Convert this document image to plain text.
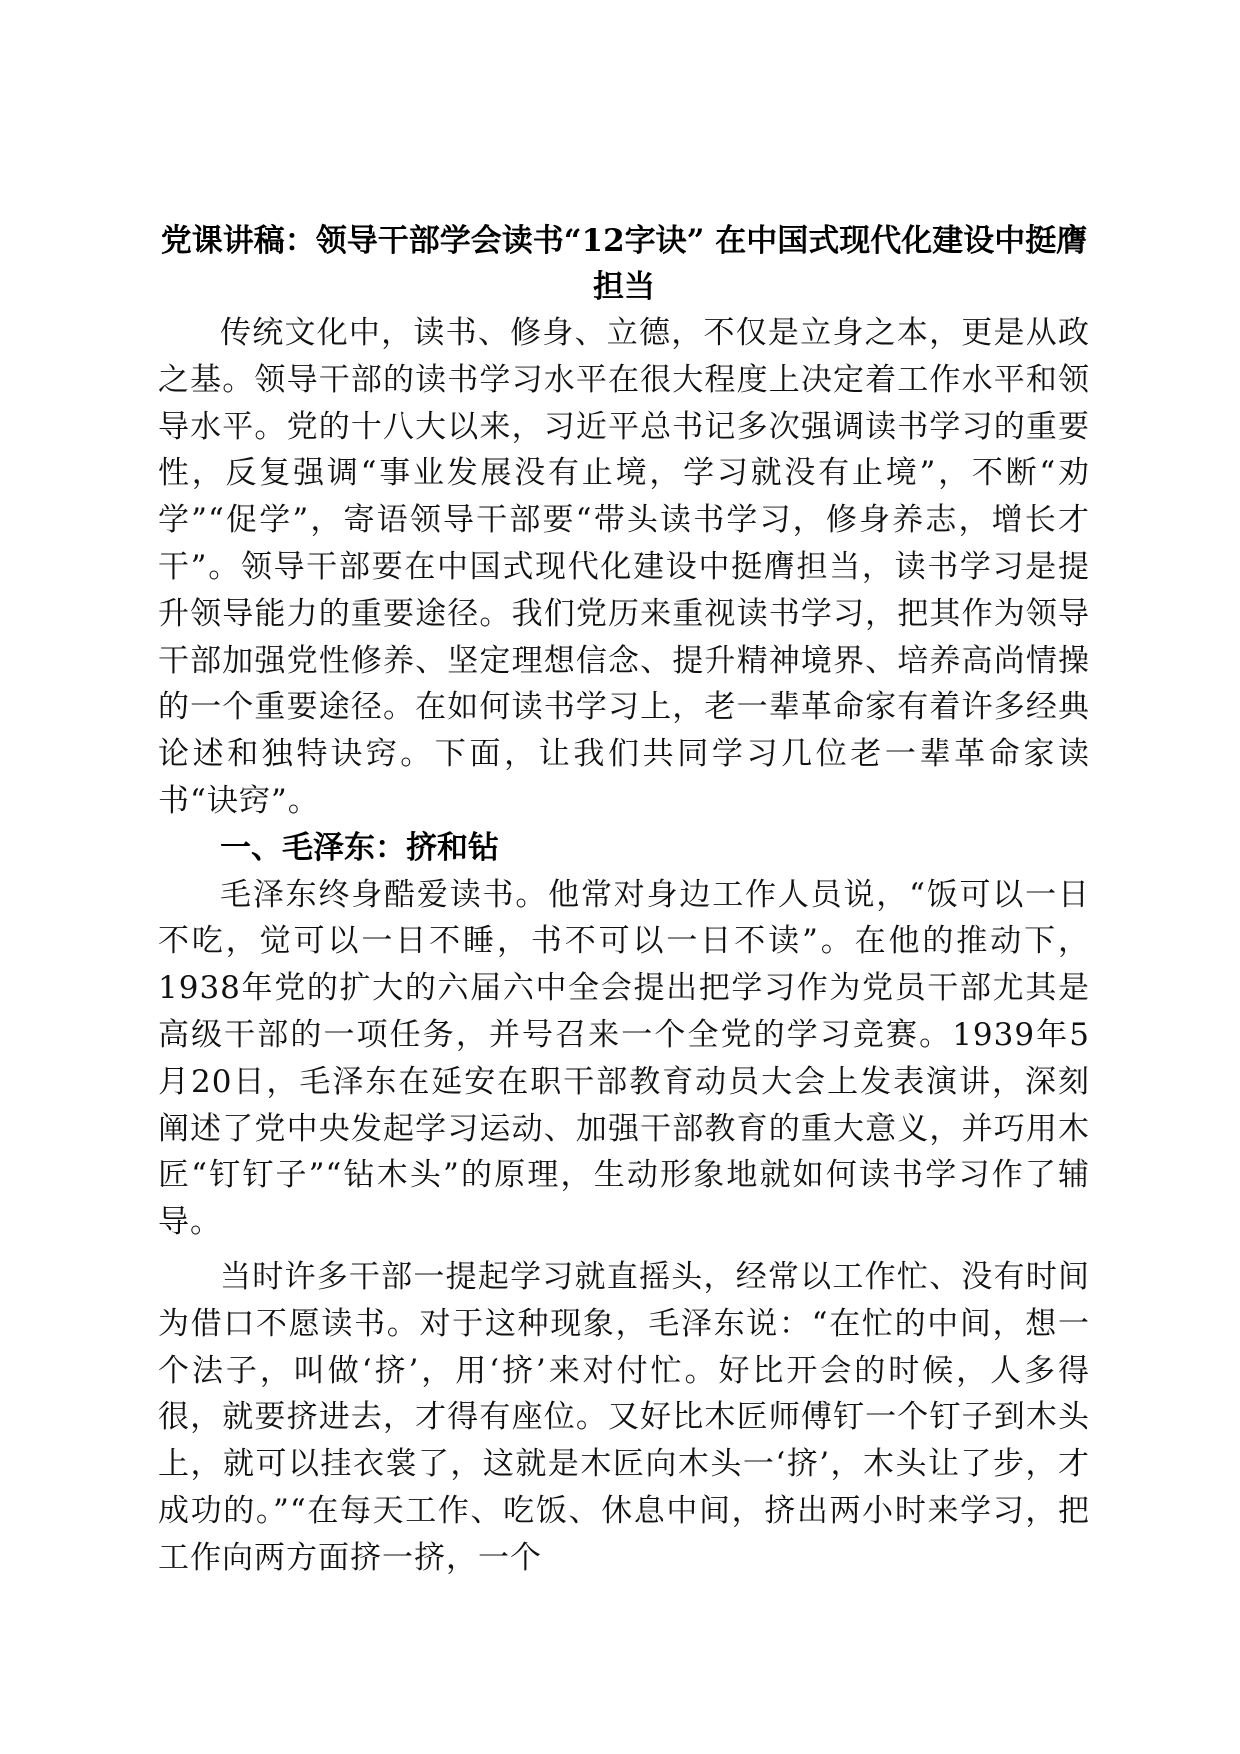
党课讲稿：领导干部学会读书“12字诀” 在中国式现代化建设中挺膺担当

传统文化中，读书、修身、立德，不仅是立身之本，更是从政之基。领导干部的读书学习水平在很大程度上决定着工作水平和领导水平。党的十八大以来，习近平总书记多次强调读书学习的重要性，反复强调“事业发展没有止境，学习就没有止境”，不断“劝学”“促学”，寄语领导干部要“带头读书学习，修身养志，增长才干”。领导干部要在中国式现代化建设中挺膺担当，读书学习是提升领导能力的重要途径。我们党历来重视读书学习，把其作为领导干部加强党性修养、坚定理想信念、提升精神境界、培养高尚情操的一个重要途径。在如何读书学习上，老一辈革命家有着许多经典论述和独特诀窍。下面，让我们共同学习几位老一辈革命家读书“诀窍”。

一、毛泽东：挤和钻

毛泽东终身酷爱读书。他常对身边工作人员说，“饭可以一日不吃，觉可以一日不睡，书不可以一日不读”。在他的推动下，1938年党的扩大的六届六中全会提出把学习作为党员干部尤其是高级干部的一项任务，并号召来一个全党的学习竞赛。1939年5月20日，毛泽东在延安在职干部教育动员大会上发表演讲，深刻阐述了党中央发起学习运动、加强干部教育的重大意义，并巧用木匠“钉钉子”“钻木头”的原理，生动形象地就如何读书学习作了辅导。

当时许多干部一提起学习就直摇头，经常以工作忙、没有时间为借口不愿读书。对于这种现象，毛泽东说：“在忙的中间，想一个法子，叫做‘挤’，用‘挤’来对付忙。好比开会的时候，人多得很，就要挤进去，才得有座位。又好比木匠师傅钉一个钉子到木头上，就可以挂衣裳了，这就是木匠向木头一‘挤’，木头让了步，才成功的。”“在每天工作、吃饭、休息中间，挤出两小时来学习，把工作向两方面挤一挤，一个
